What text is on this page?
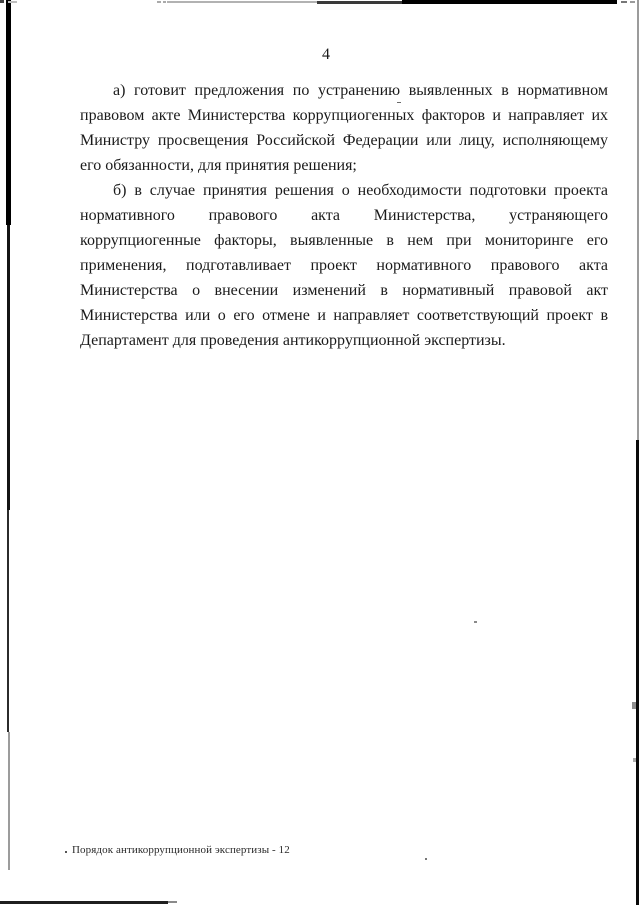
4

а) готовит предложения по устранению выявленных в нормативном правовом акте Министерства коррупциогенных факторов и направляет их Министру просвещения Российской Федерации или лицу, исполняющему его обязанности, для принятия решения;

б) в случае принятия решения о необходимости подготовки проекта нормативного правового акта Министерства, устраняющего коррупциогенные факторы, выявленные в нем при мониторинге его применения, подготавливает проект нормативного правового акта Министерства о внесении изменений в нормативный правовой акт Министерства или о его отмене и направляет соответствующий проект в Департамент для проведения антикоррупционной экспертизы.

Порядок антикоррупционной экспертизы - 12
